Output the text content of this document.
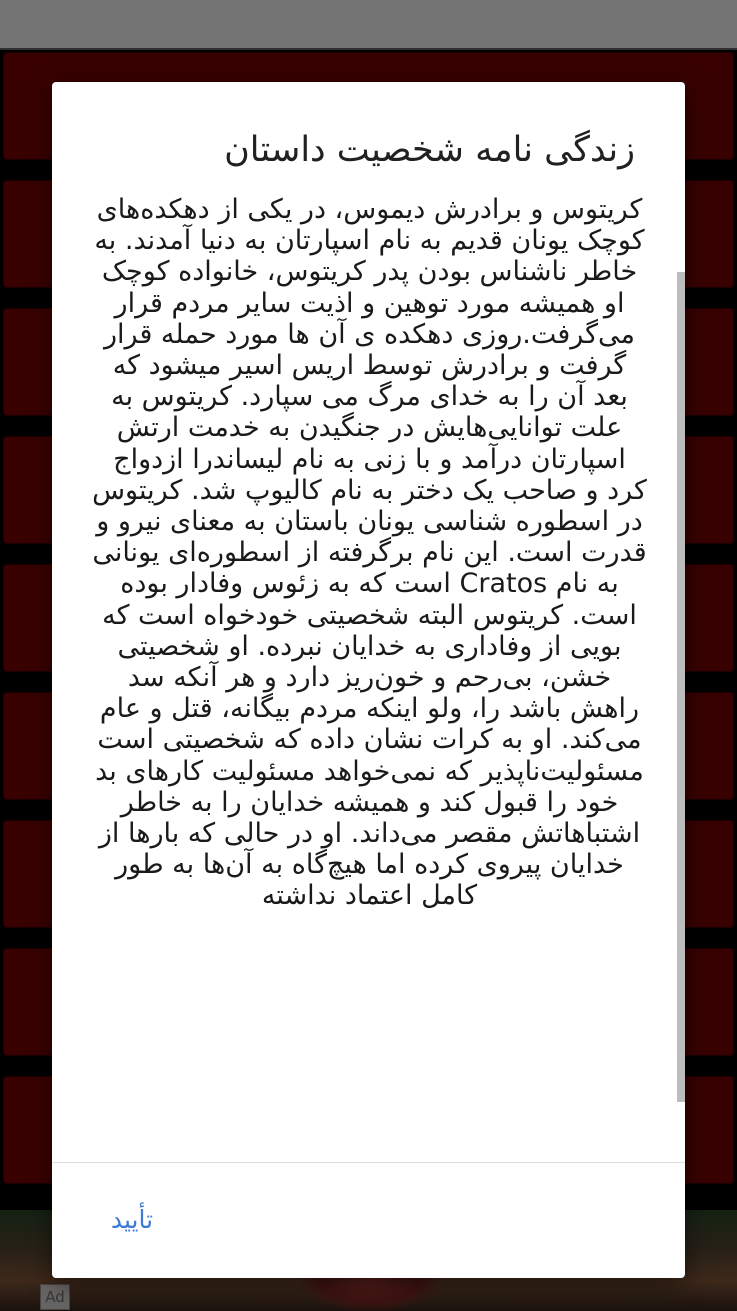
زندگی نامه شخصیت داستان

کریتوس و برادرش دیموس، در یکی از دهکده‌های کوچک یونان قدیم به نام اسپارتان به دنیا آمدند. به خاطر ناشناس بودن پدر کریتوس، خانواده کوچک او همیشه مورد توهین و اذیت سایر مردم قرار می‌گرفت.روزی دهکده ی آن ها مورد حمله قرار گرفت و برادرش توسط اریس اسیر میشود که بعد آن را به خدای مرگ می سپارد. کریتوس به علت توانایی‌هایش در جنگیدن به خدمت ارتش اسپارتان درآمد و با زنی به نام لیساندرا ازدواج کرد و صاحب یک دختر به نام کالیوپ شد. کریتوس در اسطوره شناسی یونان باستان به معنای نیرو و قدرت است. این نام برگرفته از اسطوره‌ای یونانی به نام Cratos است که به زئوس وفادار بوده است. کریتوس البته شخصیتی خودخواه است که بویی از وفاداری به خدایان نبرده. او شخصیتی خشن، بی‌رحم و خون‌ریز دارد و هر آنکه سد راهش باشد را، ولو اینکه مردم بیگانه، قتل و عام می‌کند. او به کرات نشان داده که شخصیتی است مسئولیت‌ناپذیر که نمی‌خواهد مسئولیت کارهای بد خود را قبول کند و همیشه خدایان را به خاطر اشتباهاتش مقصر می‌داند. او در حالی که بارها از خدایان پیروی کرده اما هیچ‌گاه به آن‌ها به طور کامل اعتماد نداشته

تأیید
